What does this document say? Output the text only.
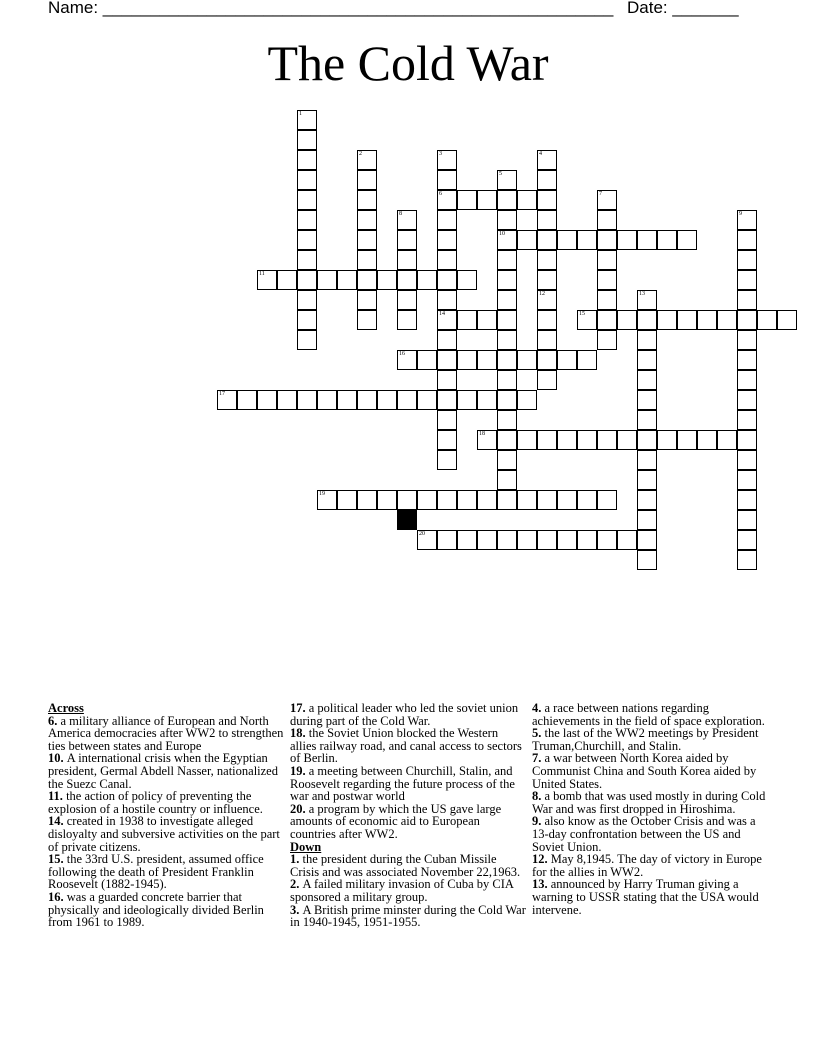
Name: ______________________________________________________ Date: _______
The Cold War
1
2	3
6
14
4
5
10
7
8	9
11
12	13
15
16
17
18
19
20

Across

6. a military alliance of European and North America democracies after WW2 to strengthen ties between states and Europe

10. A international crisis when the Egyptian president, Germal Abdell Nasser, nationalized the Suezc Canal.

11. the action of policy of preventing the explosion of a hostile country or influence.

14. created in 1938 to investigate alleged disloyalty and subversive activities on the part of private citizens.

15. the 33rd U.S. president, assumed office following the death of President Franklin Roosevelt (1882-1945).

16. was a guarded concrete barrier that physically and ideologically divided Berlin from 1961 to 1989.

17. a political leader who led the soviet union during part of the Cold War.

18. the Soviet Union blocked the Western allies railway road, and canal access to sectors of Berlin.

19. a meeting between Churchill, Stalin, and Roosevelt regarding the future process of the war and postwar world

20. a program by which the US gave large amounts of economic aid to European countries after WW2.

Down

1. the president during the Cuban Missile Crisis and was associated November 22,1963.

2. A failed military invasion of Cuba by CIA sponsored a military group.

3. A British prime minster during the Cold War in 1940-1945, 1951-1955.

4. a race between nations regarding achievements in the field of space exploration.

5. the last of the WW2 meetings by President Truman,Churchill, and Stalin.

7. a war between North Korea aided by Communist China and South Korea aided by United States.

8. a bomb that was used mostly in during Cold War and was first dropped in Hiroshima.

9. also know as the October Crisis and was a 13-day confrontation between the US and Soviet Union.

12. May 8,1945. The day of victory in Europe for the allies in WW2.

13. announced by Harry Truman giving a warning to USSR stating that the USA would intervene.
